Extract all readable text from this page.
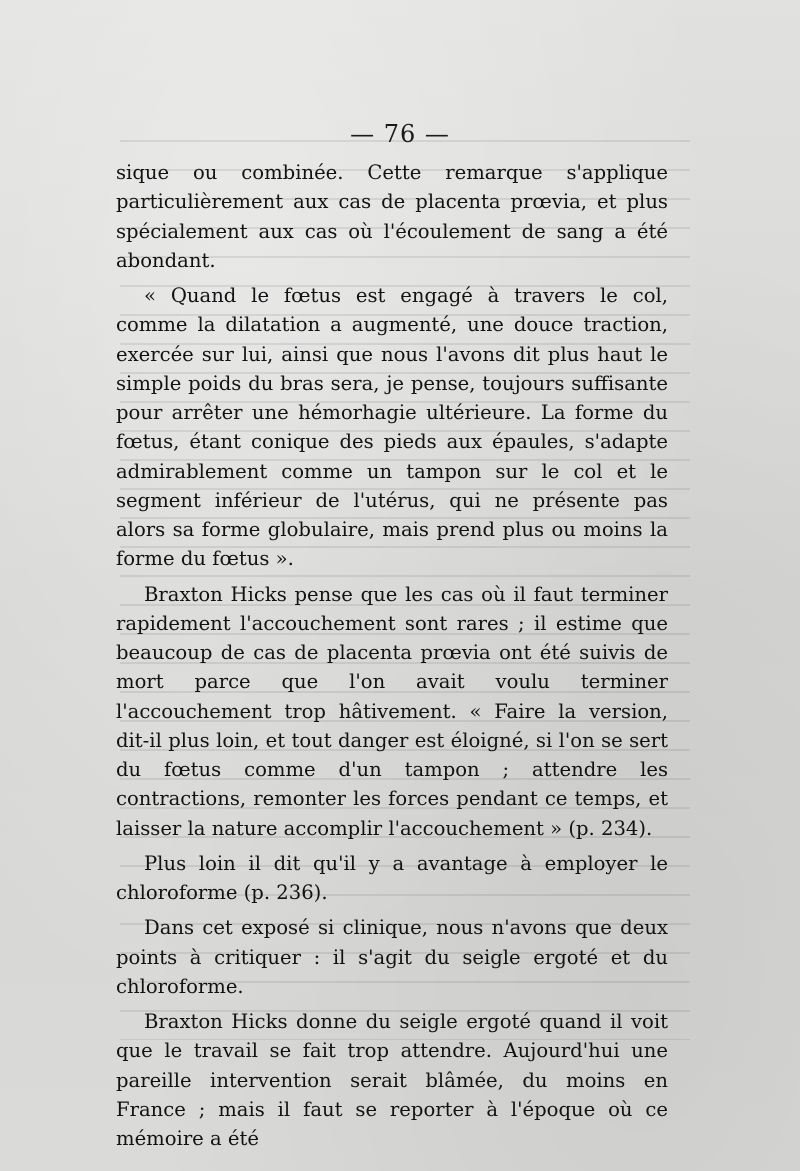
— 76 —

sique ou combinée. Cette remarque s'applique particulièrement aux cas de placenta prœvia, et plus spécialement aux cas où l'écoulement de sang a été abondant.

« Quand le fœtus est engagé à travers le col, comme la dilatation a augmenté, une douce traction, exercée sur lui, ainsi que nous l'avons dit plus haut le simple poids du bras sera, je pense, toujours suffisante pour arrêter une hémorhagie ultérieure. La forme du fœtus, étant conique des pieds aux épaules, s'adapte admirablement comme un tampon sur le col et le segment inférieur de l'utérus, qui ne présente pas alors sa forme globulaire, mais prend plus ou moins la forme du fœtus ».

Braxton Hicks pense que les cas où il faut terminer rapidement l'accouchement sont rares ; il estime que beaucoup de cas de placenta prœvia ont été suivis de mort parce que l'on avait voulu terminer l'accouchement trop hâtivement. « Faire la version, dit-il plus loin, et tout danger est éloigné, si l'on se sert du fœtus comme d'un tampon ; attendre les contractions, remonter les forces pendant ce temps, et laisser la nature accomplir l'accouchement » (p. 234).

Plus loin il dit qu'il y a avantage à employer le chloroforme (p. 236).

Dans cet exposé si clinique, nous n'avons que deux points à critiquer : il s'agit du seigle ergoté et du chloroforme.

Braxton Hicks donne du seigle ergoté quand il voit que le travail se fait trop attendre. Aujourd'hui une pareille intervention serait blâmée, du moins en France ; mais il faut se reporter à l'époque où ce mémoire a été
